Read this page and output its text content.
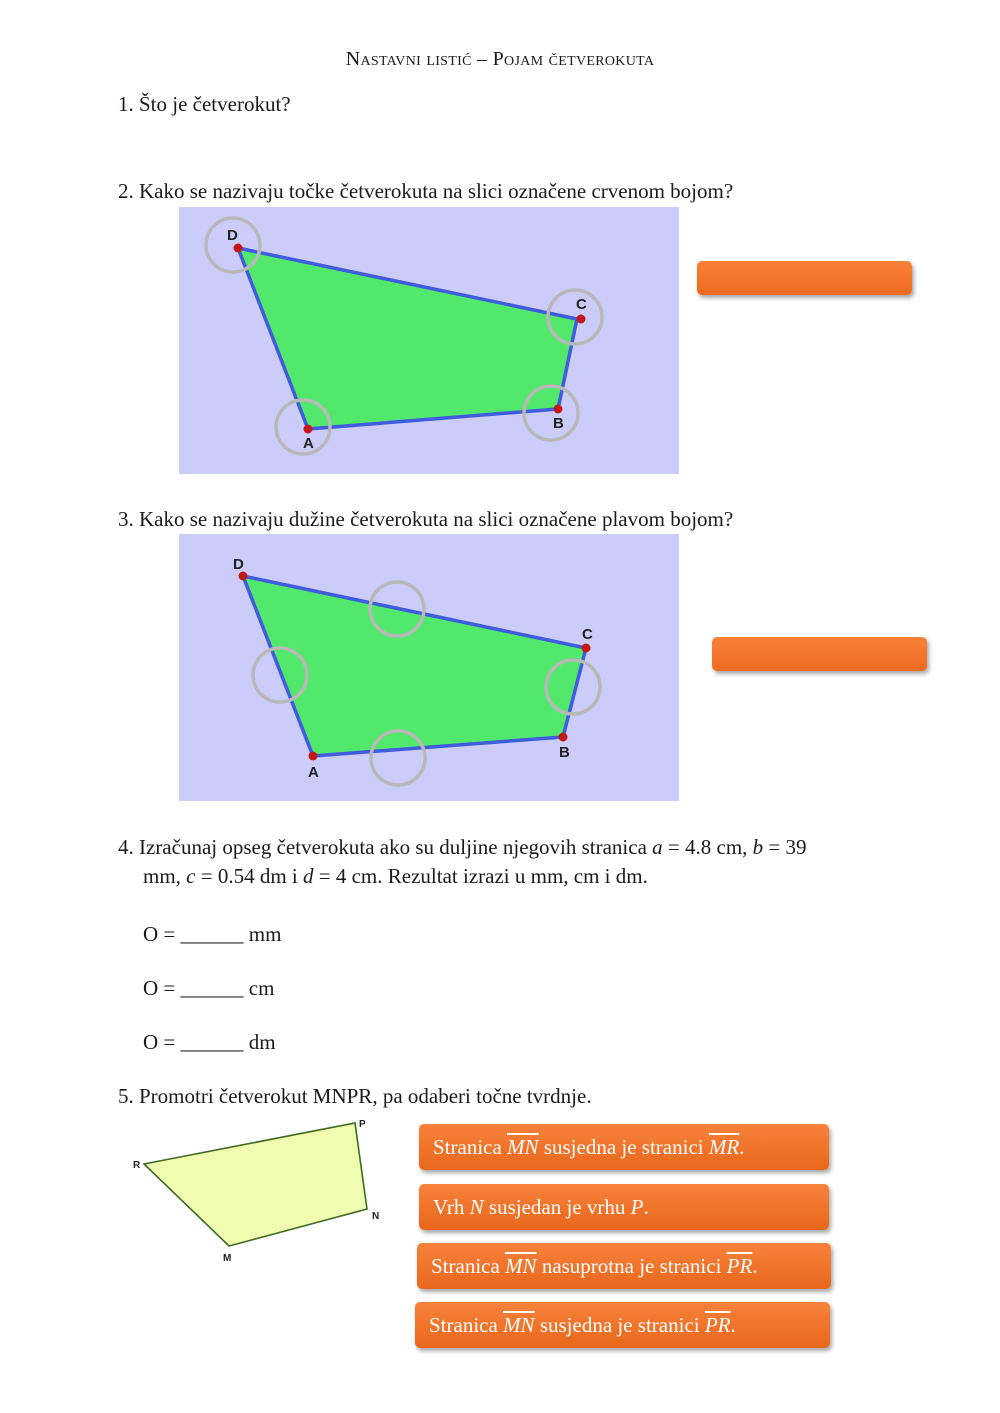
Nastavni listić – Pojam četverokuta
1. Što je četverokut?
2. Kako se nazivaju točke četverokuta na slici označene crvenom bojom?
D
C
B
A
3. Kako se nazivaju dužine četverokuta na slici označene plavom bojom?
D
C
B
A
4. Izračunaj opseg četverokuta ako su duljine njegovih stranica a = 4.8 cm, b = 39
mm, c = 0.54 dm i d = 4 cm. Rezultat izrazi u mm, cm i dm.
O = ______ mm
O = ______ cm
O = ______ dm
5. Promotri četverokut MNPR, pa odaberi točne tvrdnje.
R
P
N
M
Stranica
$\overline{MN}$
susjedna je stranici
$\overline{MR}$ .
Vrh
N
susjedan je vrhu
P .
Stranica
$\overline{MN}$
nasuprotna je stranici
$\overline{PR}$ .
Stranica
$\overline{MN}$
susjedna je stranici
$\overline{PR}$ .
